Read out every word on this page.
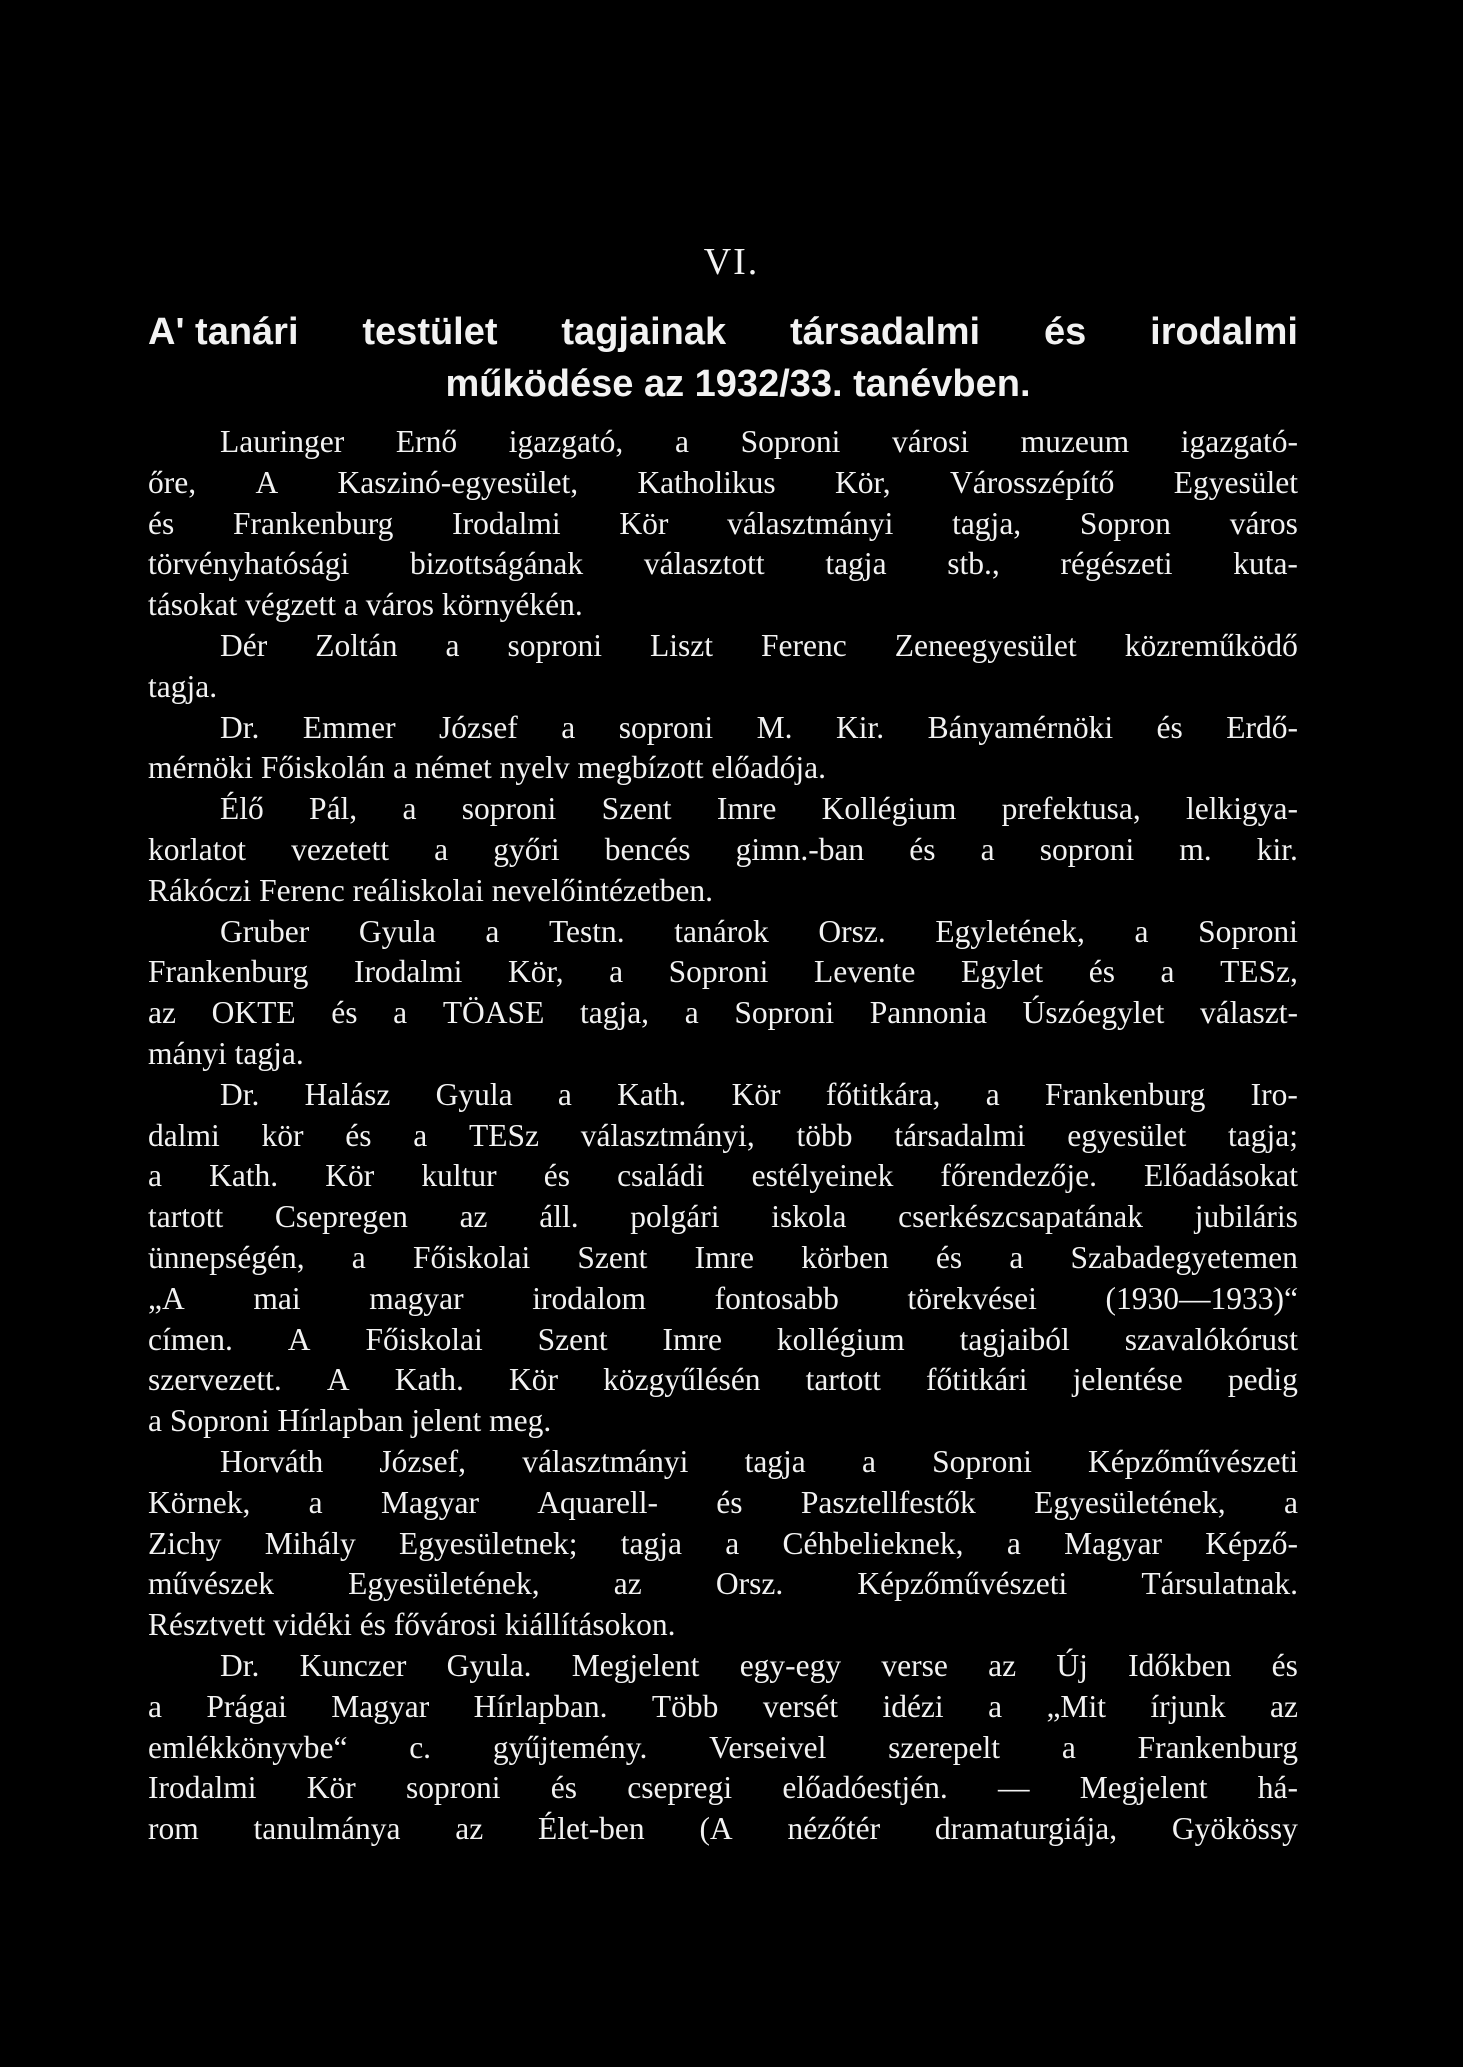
VI.
A' tanári testület tagjainak társadalmi és irodalmi
működése az 1932/33. tanévben.
Lauringer Ernő igazgató, a Soproni városi muzeum igazgató-
őre, A Kaszinó-egyesület, Katholikus Kör, Városszépítő Egyesület
és Frankenburg Irodalmi Kör választmányi tagja, Sopron város
törvényhatósági bizottságának választott tagja stb., régészeti kuta-
tásokat végzett a város környékén.
Dér Zoltán a soproni Liszt Ferenc Zeneegyesület közreműködő
tagja.
Dr. Emmer József a soproni M. Kir. Bányamérnöki és Erdő-
mérnöki Főiskolán a német nyelv megbízott előadója.
Élő Pál, a soproni Szent Imre Kollégium prefektusa, lelkigya-
korlatot vezetett a győri bencés gimn.-ban és a soproni m. kir.
Rákóczi Ferenc reáliskolai nevelőintézetben.
Gruber Gyula a Testn. tanárok Orsz. Egyletének, a Soproni
Frankenburg Irodalmi Kör, a Soproni Levente Egylet és a TESz,
az OKTE és a TÖASE tagja, a Soproni Pannonia Úszóegylet választ-
mányi tagja.
Dr. Halász Gyula a Kath. Kör főtitkára, a Frankenburg Iro-
dalmi kör és a TESz választmányi, több társadalmi egyesület tagja;
a Kath. Kör kultur és családi estélyeinek főrendezője. Előadásokat
tartott Csepregen az áll. polgári iskola cserkészcsapatának jubiláris
ünnepségén, a Főiskolai Szent Imre körben és a Szabadegyetemen
„A mai magyar irodalom fontosabb törekvései (1930—1933)“
címen. A Főiskolai Szent Imre kollégium tagjaiból szavalókórust
szervezett. A Kath. Kör közgyűlésén tartott főtitkári jelentése pedig
a Soproni Hírlapban jelent meg.
Horváth József, választmányi tagja a Soproni Képzőművészeti
Körnek, a Magyar Aquarell- és Pasztellfestők Egyesületének, a
Zichy Mihály Egyesületnek; tagja a Céhbelieknek, a Magyar Képző-
művészek Egyesületének, az Orsz. Képzőművészeti Társulatnak.
Résztvett vidéki és fővárosi kiállításokon.
Dr. Kunczer Gyula. Megjelent egy-egy verse az Új Időkben és
a Prágai Magyar Hírlapban. Több versét idézi a „Mit írjunk az
emlékkönyvbe“ c. gyűjtemény. Verseivel szerepelt a Frankenburg
Irodalmi Kör soproni és csepregi előadóestjén. — Megjelent há-
rom tanulmánya az Élet-ben (A nézőtér dramaturgiája, Gyökössy
